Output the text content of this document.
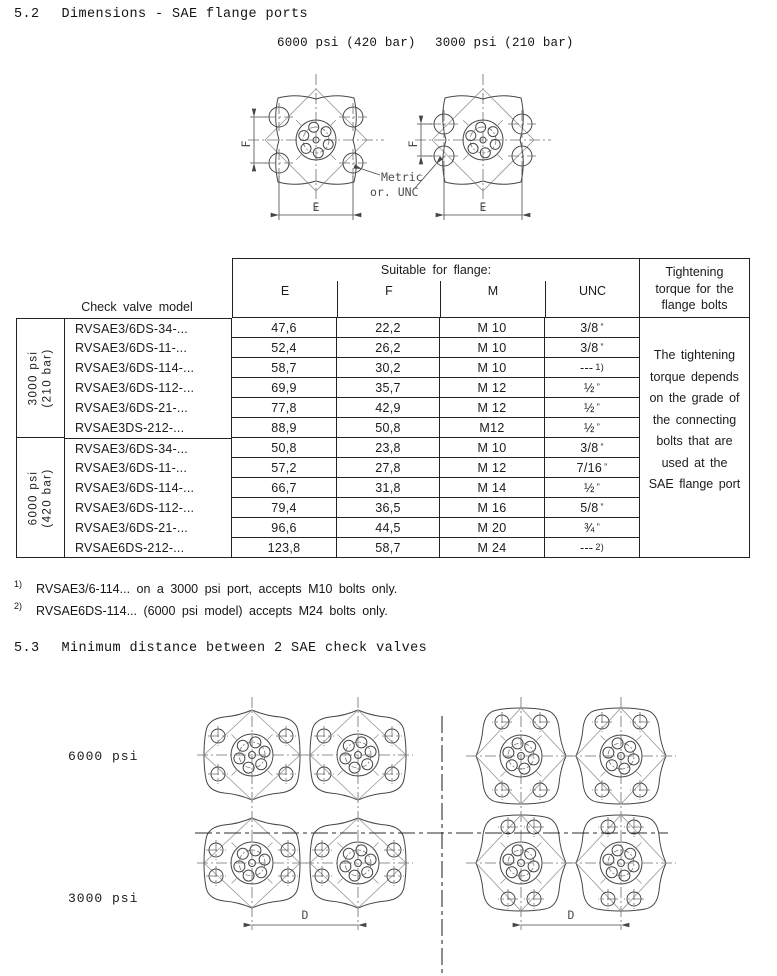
5.2 Dimensions - SAE flange ports
6000 psi (420 bar) 3000 psi (210 bar)
F	F
E	E
Metric
or. UNC
Check valve model
Suitable for flange:
E	F	M	UNC
Tightening
torque for the
flange bolts
The tightening
torque depends
on the grade of
the connecting
bolts that are
used at the
SAE flange port
3000 psi (210 bar)
RVSAE3/6DS-34-...	47,6	22,2	M 10	3/8”
RVSAE3/6DS-11-...	52,4	26,2	M 10	3/8”
RVSAE3/6DS-114-...	58,7	30,2	M 10	---$^{1)}$
RVSAE3/6DS-112-...	69,9	35,7	M 12	½”
RVSAE3/6DS-21-...	77,8	42,9	M 12	½”
RVSAE3DS-212-...	88,9	50,8	M12	½”
6000 psi (420 bar)
RVSAE3/6DS-34-...	50,8	23,8	M 10	3/8”
RVSAE3/6DS-11-...	57,2	27,8	M 12	7/16”
RVSAE3/6DS-114-...	66,7	31,8	M 14	½”
RVSAE3/6DS-112-...	79,4	36,5	M 16	5/8”
RVSAE3/6DS-21-...	96,6	44,5	M 20	¾”
RVSAE6DS-212-...	123,8	58,7	M 24	---$^{2)}$
$^{1)}$ RVSAE3/6-114... on a 3000 psi port, accepts M10 bolts only.
$^{2)}$ RVSAE6DS-114... (6000 psi model) accepts M24 bolts only.
5.3 Minimum distance between 2 SAE check valves
6000 psi
3000 psi
D	D
